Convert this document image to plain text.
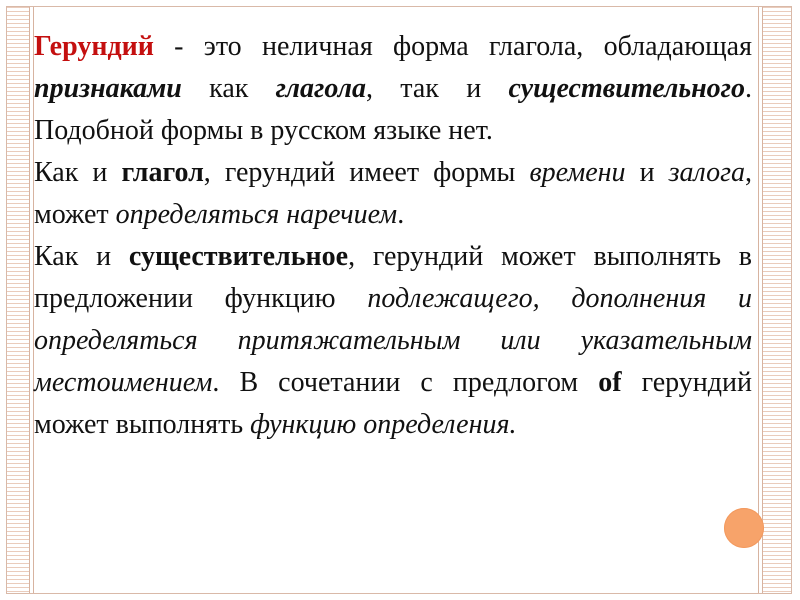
Герундий - это неличная форма глагола, обладающая признаками как глагола, так и существительного. Подобной формы в русском языке нет.

Как и глагол, герундий имеет формы времени и залога, может определяться наречием.

Как и существительное, герундий может выполнять в предложении функцию подлежащего, дополнения и определяться притяжательным или указательным местоимением. В сочетании с предлогом of герундий может выполнять функцию определения.
